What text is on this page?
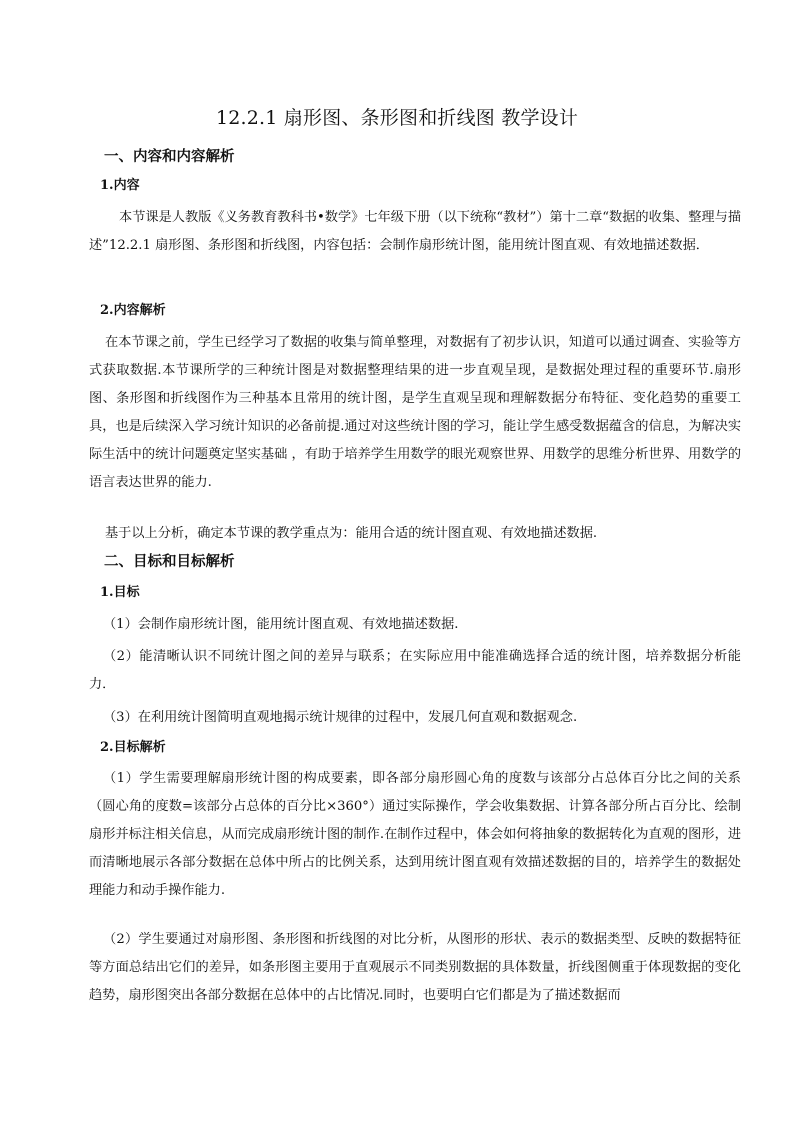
12.2.1 扇形图、条形图和折线图 教学设计
一、内容和内容解析
1.内容
本节课是人教版《义务教育教科书•数学》七年级下册（以下统称“教材”）第十二章“数据的收集、整理与描述”12.2.1 扇形图、条形图和折线图，内容包括：会制作扇形统计图，能用统计图直观、有效地描述数据．
2.内容解析
在本节课之前，学生已经学习了数据的收集与简单整理，对数据有了初步认识，知道可以通过调查、实验等方式获取数据.本节课所学的三种统计图是对数据整理结果的进一步直观呈现，是数据处理过程的重要环节.扇形图、条形图和折线图作为三种基本且常用的统计图，是学生直观呈现和理解数据分布特征、变化趋势的重要工具，也是后续深入学习统计知识的必备前提.通过对这些统计图的学习，能让学生感受数据蕴含的信息，为解决实际生活中的统计问题奠定坚实基础 ，有助于培养学生用数学的眼光观察世界、用数学的思维分析世界、用数学的语言表达世界的能力.
基于以上分析，确定本节课的教学重点为：能用合适的统计图直观、有效地描述数据.
二、目标和目标解析
1.目标
（1）会制作扇形统计图，能用统计图直观、有效地描述数据.
（2）能清晰认识不同统计图之间的差异与联系；在实际应用中能准确选择合适的统计图，培养数据分析能力．
（3）在利用统计图简明直观地揭示统计规律的过程中，发展几何直观和数据观念.
2.目标解析
（1）学生需要理解扇形统计图的构成要素，即各部分扇形圆心角的度数与该部分占总体百分比之间的关系（圆心角的度数=该部分占总体的百分比×360°）通过实际操作，学会收集数据、计算各部分所占百分比、绘制扇形并标注相关信息，从而完成扇形统计图的制作.在制作过程中，体会如何将抽象的数据转化为直观的图形，进而清晰地展示各部分数据在总体中所占的比例关系，达到用统计图直观有效描述数据的目的，培养学生的数据处理能力和动手操作能力.
（2）学生要通过对扇形图、条形图和折线图的对比分析，从图形的形状、表示的数据类型、反映的数据特征等方面总结出它们的差异，如条形图主要用于直观展示不同类别数据的具体数量，折线图侧重于体现数据的变化趋势，扇形图突出各部分数据在总体中的占比情况.同时，也要明白它们都是为了描述数据而
